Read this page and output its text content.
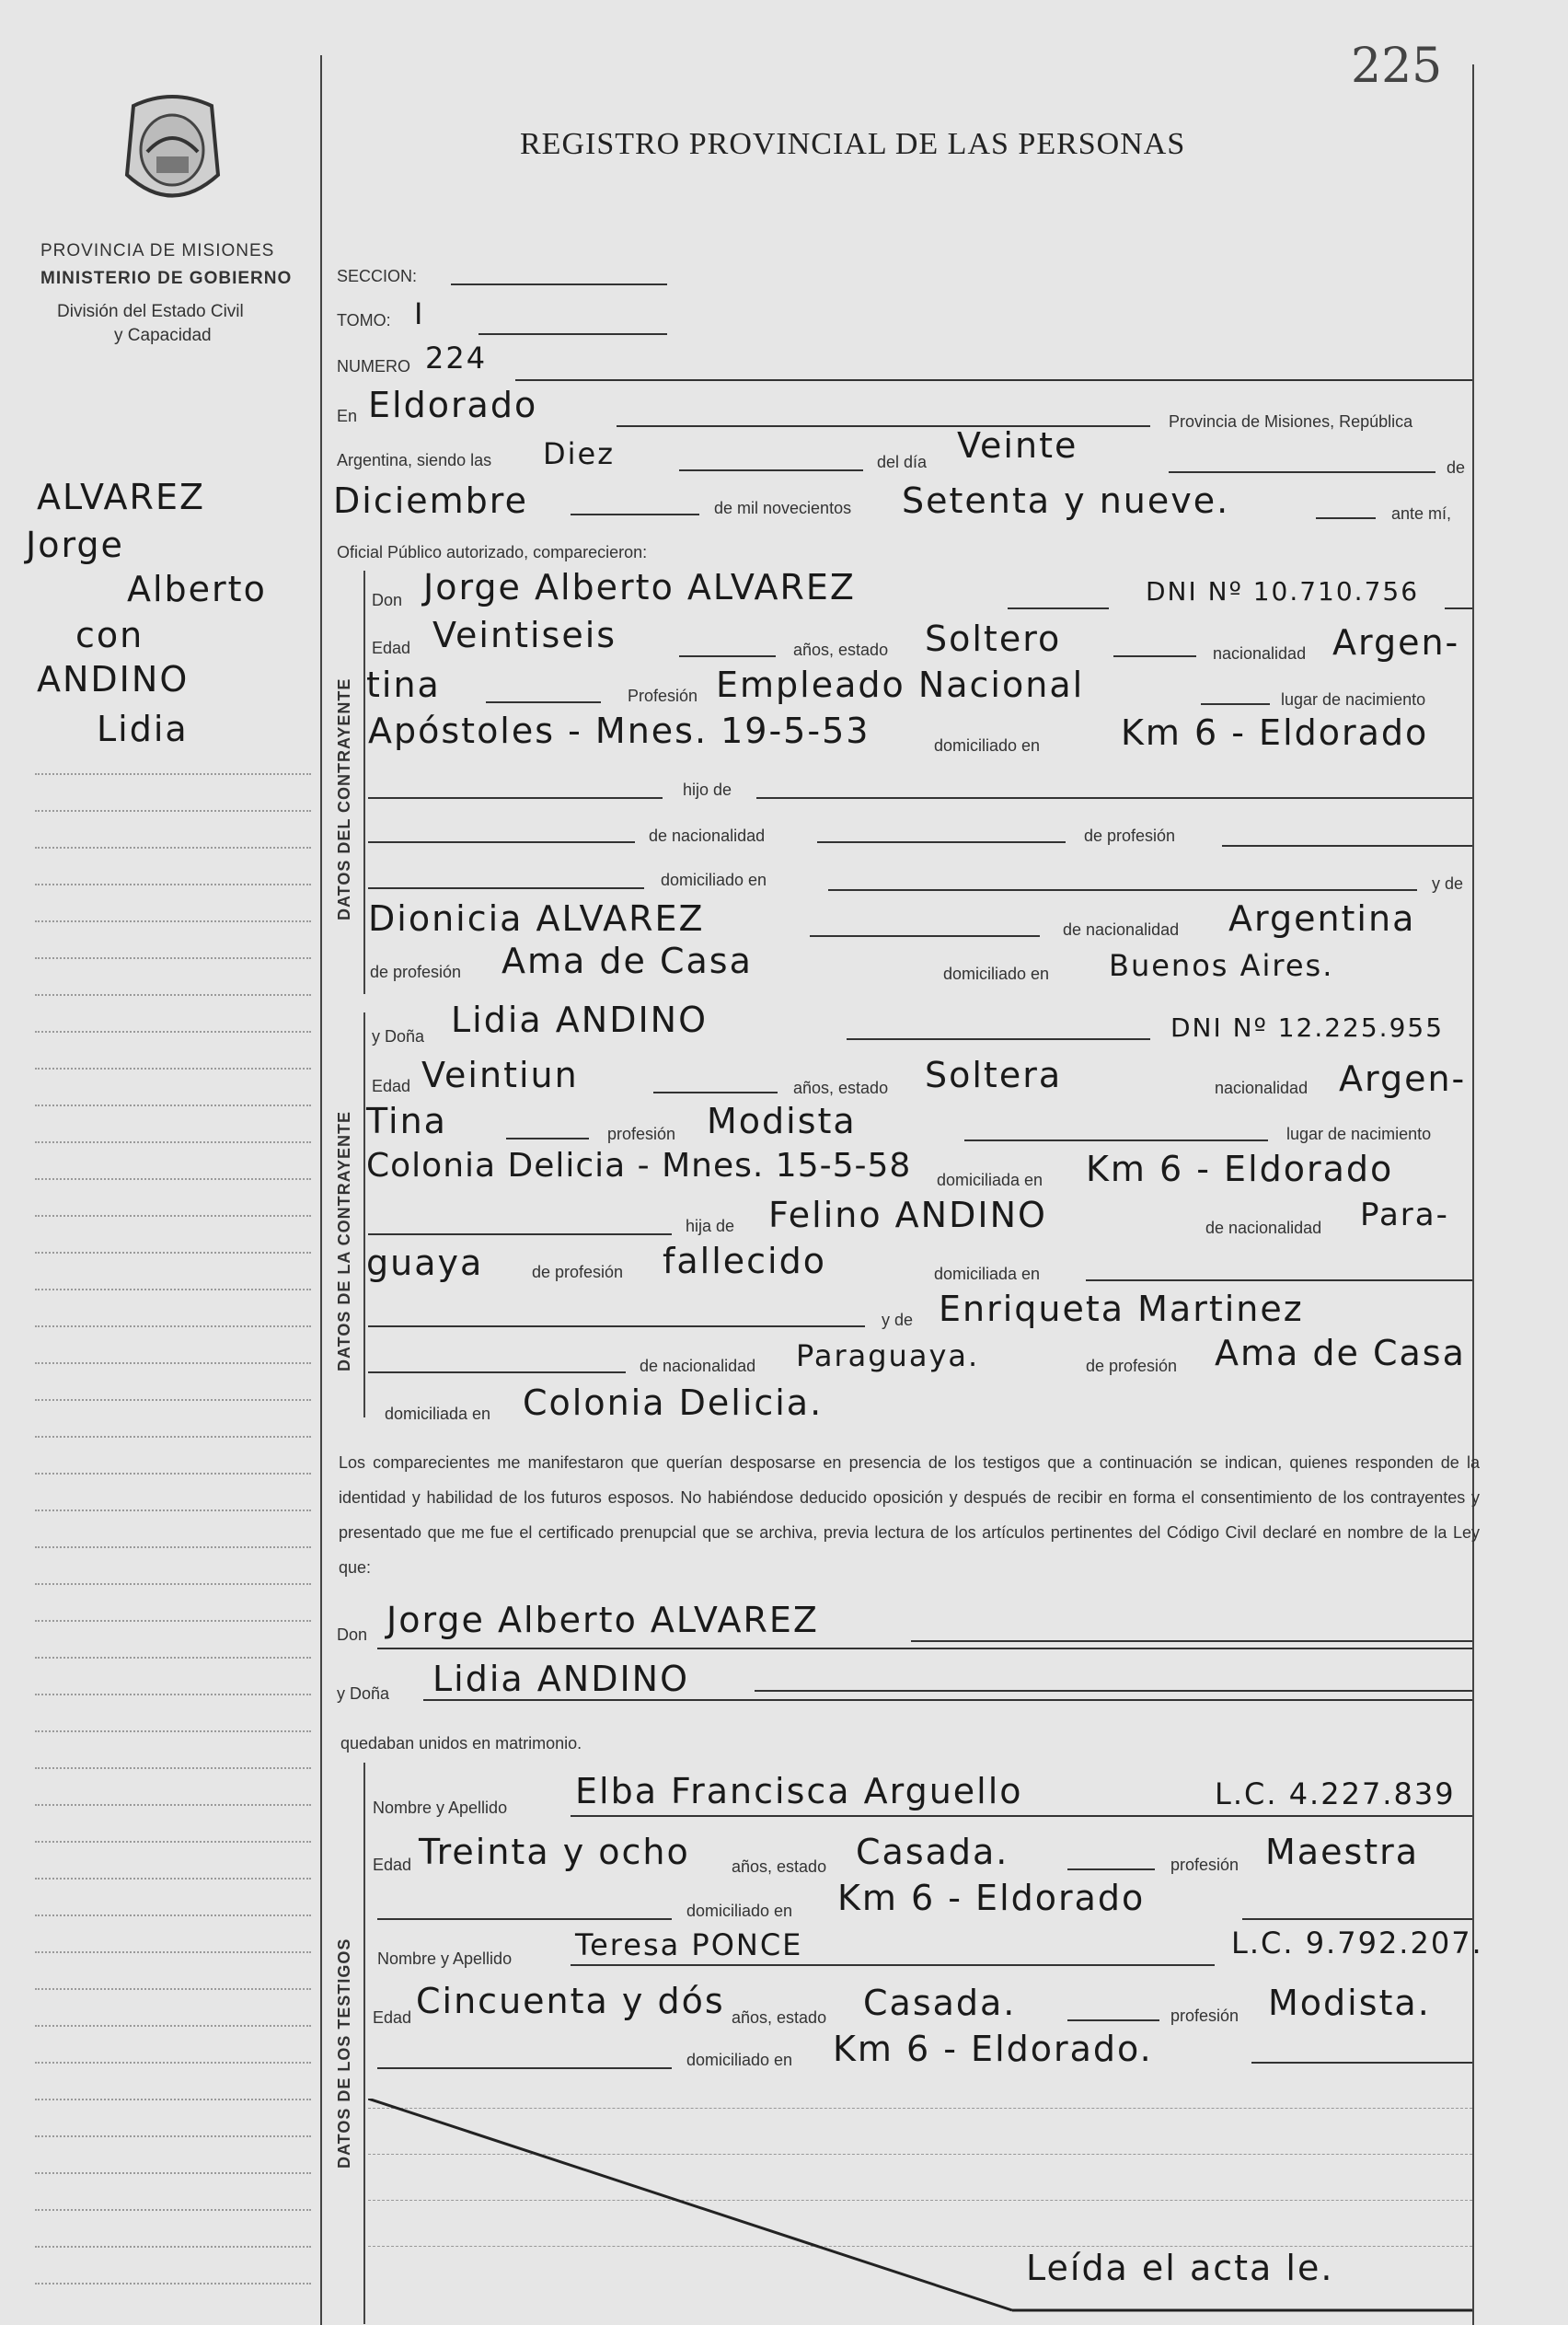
225
PROVINCIA DE MISIONES
MINISTERIO DE GOBIERNO
División del Estado Civil
y Capacidad
REGISTRO PROVINCIAL DE LAS PERSONAS
ALVAREZ
Jorge
Alberto
con
ANDINO
Lidia
SECCION:
TOMO: I
NUMERO 224
En Eldorado	Provincia de Misiones, República
Argentina, siendo las Diez	del día Veinte
de
Diciembre	de mil novecientos Setenta y nueve.	ante mí,
Oficial Público autorizado, comparecieron:
DATOS DEL CONTRAYENTE
Don Jorge Alberto ALVAREZ	DNI Nº 10.710.756
Edad Veintiseis	años, estado Soltero	nacionalidad Argen-
tina	Profesión Empleado Nacional	lugar de nacimiento
Apóstoles - Mnes. 19-5-53	domiciliado en Km 6 - Eldorado
hijo de
de nacionalidad	de profesión
domiciliado en	y de
Dionicia ALVAREZ	de nacionalidad Argentina
de profesión Ama de Casa	domiciliado en Buenos Aires.
DATOS DE LA CONTRAYENTE
y Doña Lidia ANDINO	DNI Nº 12.225.955
Edad Veintiun	años, estado Soltera	nacionalidad Argen-
Tina	profesión Modista	lugar de nacimiento
Colonia Delicia - Mnes. 15-5-58 domiciliada en Km 6 - Eldorado
hija de Felino ANDINO	de nacionalidad Para-
guaya	de profesión fallecido	domiciliada en
y de Enriqueta Martinez
de nacionalidad Paraguaya.	de profesión Ama de Casa
domiciliada en Colonia Delicia.
Los comparecientes me manifestaron que querían desposarse en presencia de los testigos que a continuación se indican, quienes responden de la identidad y habilidad de los futuros esposos. No habiéndose deducido oposición y después de recibir en forma el consentimiento de los contrayentes y presentado que me fue el certificado prenupcial que se archiva, previa lectura de los artículos pertinentes del Código Civil declaré en nombre de la Ley que:
Don Jorge Alberto ALVAREZ
y Doña Lidia ANDINO
quedaban unidos en matrimonio.
DATOS DE LOS TESTIGOS
Nombre y Apellido Elba Francisca Arguello	L.C. 4.227.839
Edad Treinta y ocho	años, estado Casada.	profesión Maestra
domiciliado en Km 6 - Eldorado
Nombre y Apellido Teresa PONCE	L.C. 9.792.207.
Edad Cincuenta y dós años, estado Casada.	profesión Modista.
domiciliado en Km 6 - Eldorado.
Leída el acta le.
